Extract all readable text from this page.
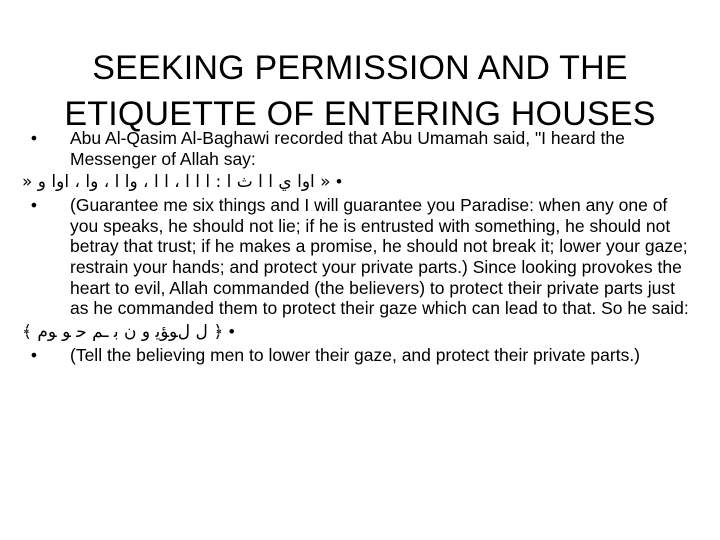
SEEKING PERMISSION AND THE
ETIQUETTE OF ENTERING HOUSES
• Abu Al-Qasim Al-Baghawi recorded that Abu Umamah said, "I heard the Messenger of Allah say:
• « اوا ي ا ا ث ا : ا ا ا ، ا ا ، وا ا ، وا ، اوا و «
• (Guarantee me six things and I will guarantee you Paradise: when any one of you speaks, he should not lie; if he is entrusted with something, he should not betray that trust; if he makes a promise, he should not break it; lower your gaze; restrain your hands; and protect your private parts.) Since looking provokes the heart to evil, Allah commanded (the believers) to protect their private parts just as he commanded them to protect their gaze which can lead to that. So he said:
• ﴿ ل لﻮﺆﻳ و ن ﺑ ـﻢ ﺣ ﻮ ﻮﻡ ﴾
• (Tell the believing men to lower their gaze, and protect their private parts.)
